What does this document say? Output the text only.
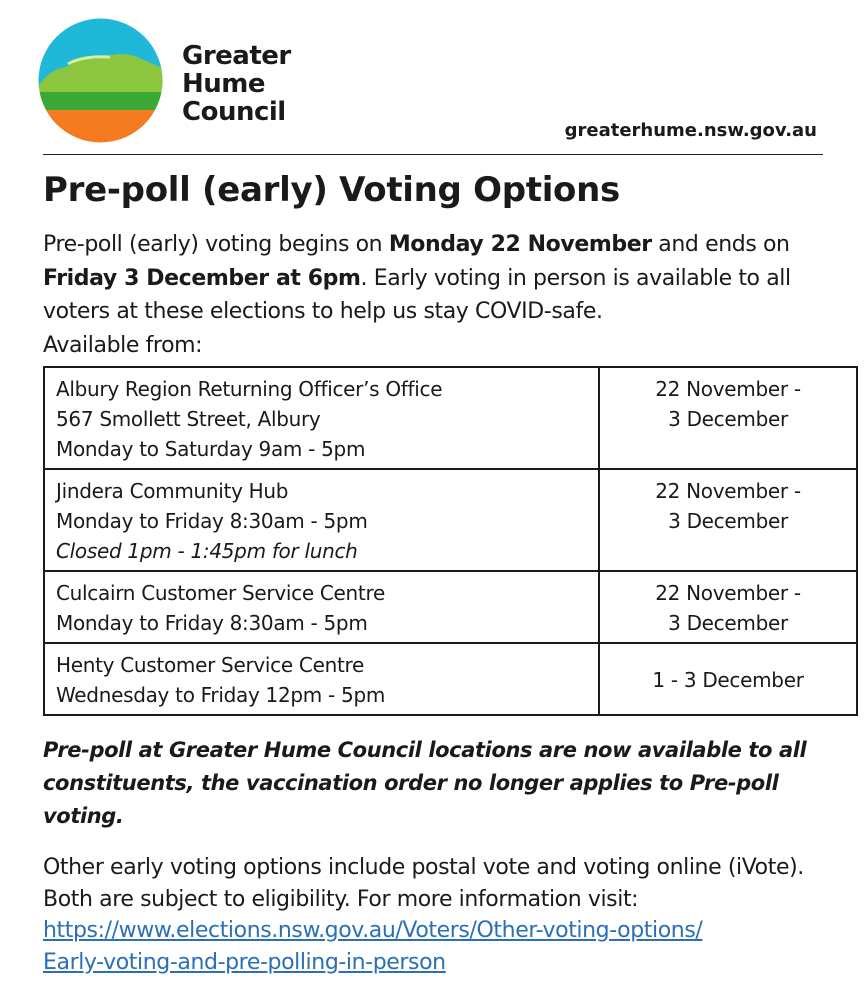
Greater
Hume
Council
greaterhume.nsw.gov.au
Pre-poll (early) Voting Options
Pre-poll (early) voting begins on Monday 22 November and ends on Friday 3 December at 6pm. Early voting in person is available to all voters at these elections to help us stay COVID-safe.
Available from:
Albury Region Returning Officer’s Office
567 Smollett Street, Albury
Monday to Saturday 9am - 5pm	22 November -
3 December

Jindera Community Hub
Monday to Friday 8:30am - 5pm
Closed 1pm - 1:45pm for lunch	22 November -
3 December

Culcairn Customer Service Centre
Monday to Friday 8:30am - 5pm	22 November -
3 December

Henty Customer Service Centre
Wednesday to Friday 12pm - 5pm	1 - 3 December
Pre-poll at Greater Hume Council locations are now available to all constituents, the vaccination order no longer applies to Pre-poll voting.
Other early voting options include postal vote and voting online (iVote). Both are subject to eligibility. For more information visit:
https://www.elections.nsw.gov.au/Voters/Other-voting-options/
Early-voting-and-pre-polling-in-person
